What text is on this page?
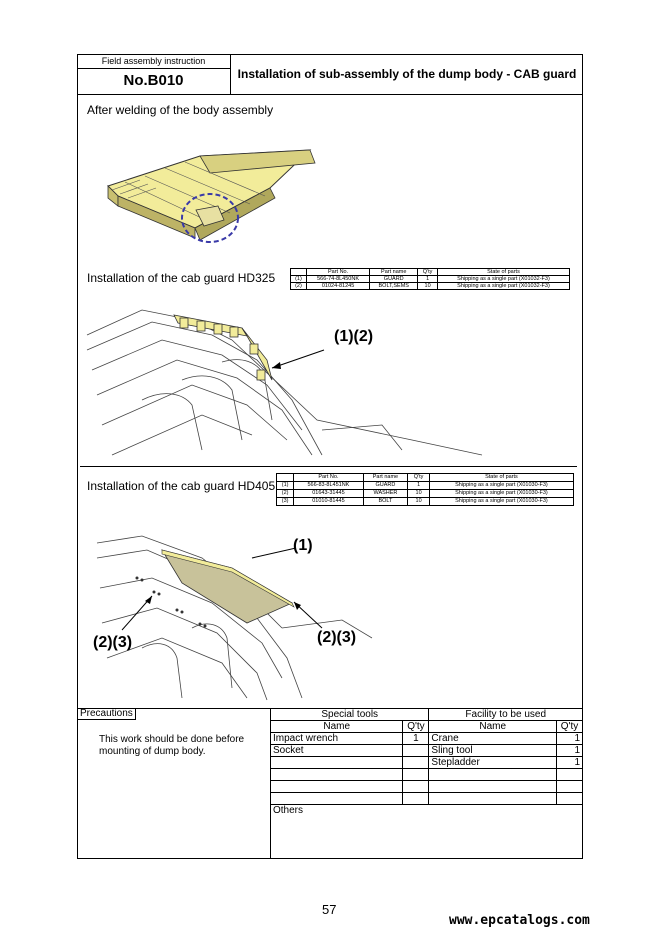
Field assembly instruction
No.B010	Installation of sub-assembly of the dump body - CAB guard
After welding of the body assembly
Installation of the cab guard HD325
		Part No.	Part name	Q'ty	State of parts
(1)	566-74-8L450NK	GUARD	1	Shipping as a single part (X01032-F3)
(2)	01024-81245	BOLT,SEMS	10	Shipping as a single part (X01032-F3)
(1)(2)
Installation of the cab guard HD405
	Part No.	Part name	Q'ty	State of parts
(1)	566-83-8L451NK	GUARD	1	Shipping as a single part (X01030-F3)
(2)	01643-31445	WASHER	10	Shipping as a single part (X01030-F3)
(3)	01010-81445	BOLT	10	Shipping as a single part (X01030-F3)
(1)
(2)(3)	(2)(3)
Precautions
This work should be done before mounting of dump body.
Special tools		Facility to be used	
Name	Q'ty	Name	Q'ty
Impact wrench	1	Crane	1
Socket		Sling tool	1
		Stepladder	1

Others			
57
www.epcatalogs.com
